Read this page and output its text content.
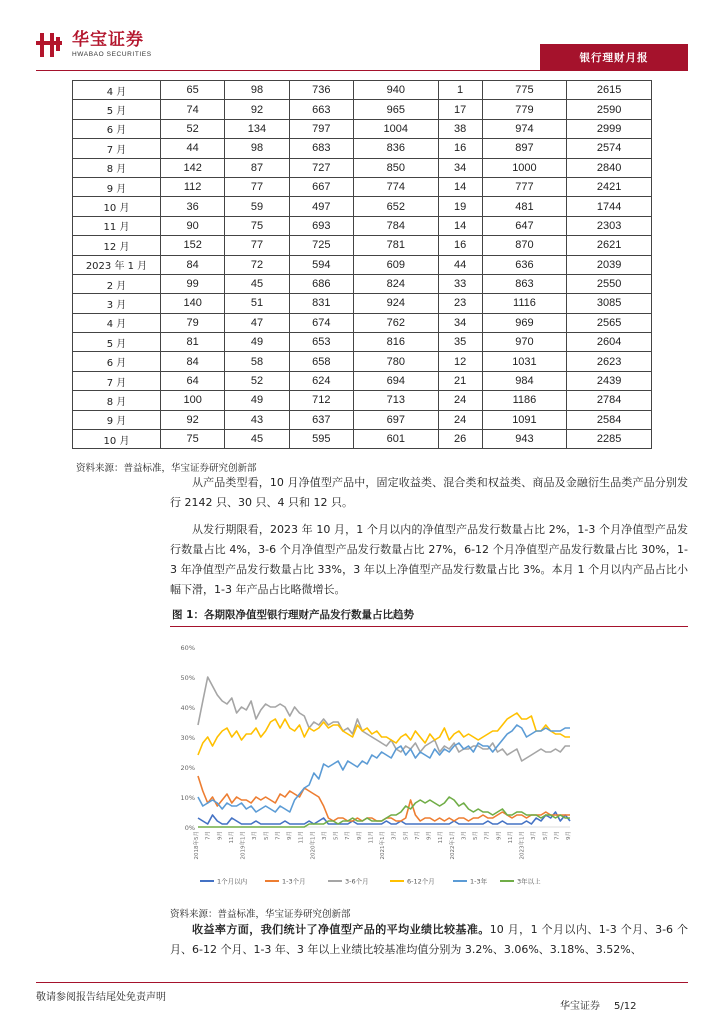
华宝证券
HWABAO SECURITIES	银行理财月报
4 月	65	98	736	940	1	775	2615
5 月	74	92	663	965	17	779	2590
6 月	52	134	797	1004	38	974	2999
7 月	44	98	683	836	16	897	2574
8 月	142	87	727	850	34	1000	2840
9 月	112	77	667	774	14	777	2421
10 月	36	59	497	652	19	481	1744
11 月	90	75	693	784	14	647	2303
12 月	152	77	725	781	16	870	2621
2023 年 1 月	84	72	594	609	44	636	2039
2 月	99	45	686	824	33	863	2550
3 月	140	51	831	924	23	1116	3085
4 月	79	47	674	762	34	969	2565
5 月	81	49	653	816	35	970	2604
6 月	84	58	658	780	12	1031	2623
7 月	64	52	624	694	21	984	2439
8 月	100	49	712	713	24	1186	2784
9 月	92	43	637	697	24	1091	2584
10 月	75	45	595	601	26	943	2285
资料来源：普益标准，华宝证券研究创新部

从产品类型看，10 月净值型产品中，固定收益类、混合类和权益类、商品及金融衍生品类产品分别发行 2142 只、30 只、4 只和 12 只。

从发行期限看，2023 年 10 月，1 个月以内的净值型产品发行数量占比 2%，1-3 个月净值型产品发行数量占比 4%，3-6 个月净值型产品发行数量占比 27%，6-12 个月净值型产品发行数量占比 30%，1-3 年净值型产品发行数量占比 33%，3 年以上净值型产品发行数量占比 3%。本月 1 个月以内产品占比小幅下滑，1-3 年产品占比略微增长。

图 1：各期限净值型银行理财产品发行数量占比趋势
0%
10%
20%
30%
40%
50%
60%
2018年5月	7月	9月	11月	2019年1月	3月	5月	7月	9月	11月	2020年1月	3月	5月	7月	9月	11月	2021年1月	3月	5月	7月	9月	11月	2022年1月	3月	5月	7月	9月	11月	2023年1月	3月	5月	7月	9月
1个月以内	1-3个月	3-6个月	6-12个月	1-3年	3年以上
资料来源：普益标准，华宝证券研究创新部

收益率方面，我们统计了净值型产品的平均业绩比较基准。10 月，1 个月以内、1-3 个月、3-6 个月、6-12 个月、1-3 年、3 年以上业绩比较基准均值分别为 3.2%、3.06%、3.18%、3.52%、

敬请参阅报告结尾处免责声明
华宝证券 5/12
